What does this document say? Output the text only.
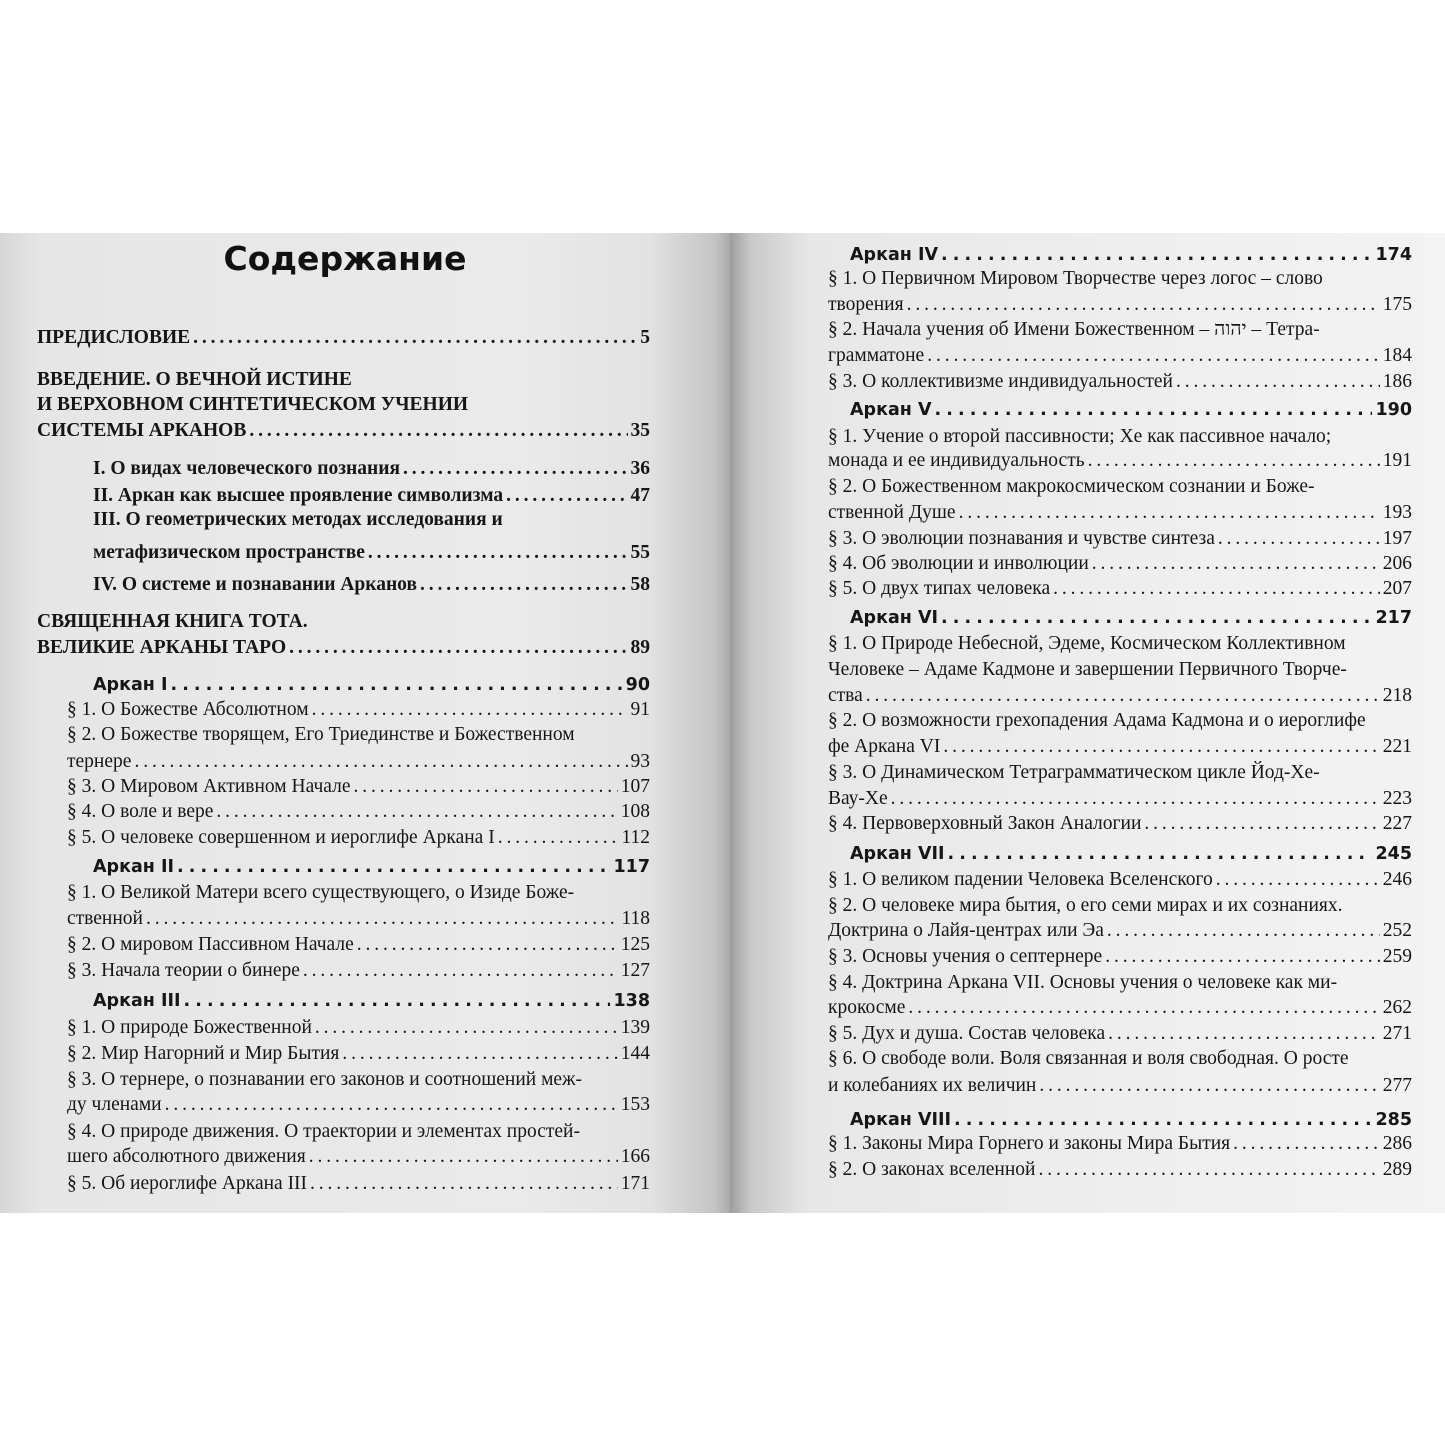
Содержание
ПРЕДИСЛОВИЕ . . .	5
ВВЕДЕНИЕ. О ВЕЧНОЙ ИСТИНЕ
И ВЕРХОВНОМ СИНТЕТИЧЕСКОМ УЧЕНИИ
СИСТЕМЫ АРКАНОВ . . .	35
I. О видах человеческого познания . . .	36
II. Аркан как высшее проявление символизма . . .	47
III. О геометрических методах исследования и
метафизическом пространстве . . .	55
IV. О системе и познавании Арканов . . .	58
СВЯЩЕННАЯ КНИГА ТОТА.
ВЕЛИКИЕ АРКАНЫ ТАРО . . .	89
Аркан I . . .	90
§ 1. О Божестве Абсолютном . . .	91
§ 2. О Божестве творящем, Его Триединстве и Божественном
тернере . . .	93
§ 3. О Мировом Активном Начале . . .	107
§ 4. О воле и вере . . .	108
§ 5. О человеке совершенном и иероглифе Аркана I . . .	112
Аркан II . . .	117
§ 1. О Великой Матери всего существующего, о Изиде Боже-
ственной . . .	118
§ 2. О мировом Пассивном Начале . . .	125
§ 3. Начала теории о бинере . . .	127
Аркан III . . .	138
§ 1. О природе Божественной . . .	139
§ 2. Мир Нагорний и Мир Бытия . . .	144
§ 3. О тернере, о познавании его законов и соотношений меж-
ду членами . . .	153
§ 4. О природе движения. О траектории и элементах простей-
шего абсолютного движения . . .	166
§ 5. Об иероглифе Аркана III . . .	171
Аркан IV . . .	174
§ 1. О Первичном Мировом Творчестве через логос – слово
творения . . .	175
§ 2. Начала учения об Имени Божественном – יהוה – Тетра-
грамматоне . . .	184
§ 3. О коллективизме индивидуальностей . . .	186
Аркан V . . .	190
§ 1. Учение о второй пассивности; Хе как пассивное начало;
монада и ее индивидуальность . . .	191
§ 2. О Божественном макрокосмическом сознании и Боже-
ственной Душе . . .	193
§ 3. О эволюции познавания и чувстве синтеза . . .	197
§ 4. Об эволюции и инволюции . . .	206
§ 5. О двух типах человека . . .	207
Аркан VI . . .	217
§ 1. О Природе Небесной, Эдеме, Космическом Коллективном
Человеке – Адаме Кадмоне и завершении Первичного Творче-
ства . . .	218
§ 2. О возможности грехопадения Адама Кадмона и о иероглифе
фе Аркана VI . . .	221
§ 3. О Динамическом Тетраграмматическом цикле Йод-Хе-
Вау-Хе . . .	223
§ 4. Первоверховный Закон Аналогии . . .	227
Аркан VII . . .	245
§ 1. О великом падении Человека Вселенского . . .	246
§ 2. О человеке мира бытия, о его семи мирах и их сознаниях.
Доктрина о Лайя-центрах или Эа . . .	252
§ 3. Основы учения о септернере . . .	259
§ 4. Доктрина Аркана VII. Основы учения о человеке как ми-
крокосме . . .	262
§ 5. Дух и душа. Состав человека . . .	271
§ 6. О свободе воли. Воля связанная и воля свободная. О росте
и колебаниях их величин . . .	277
Аркан VIII . . .	285
§ 1. Законы Мира Горнего и законы Мира Бытия . . .	286
§ 2. О законах вселенной . . .	289
